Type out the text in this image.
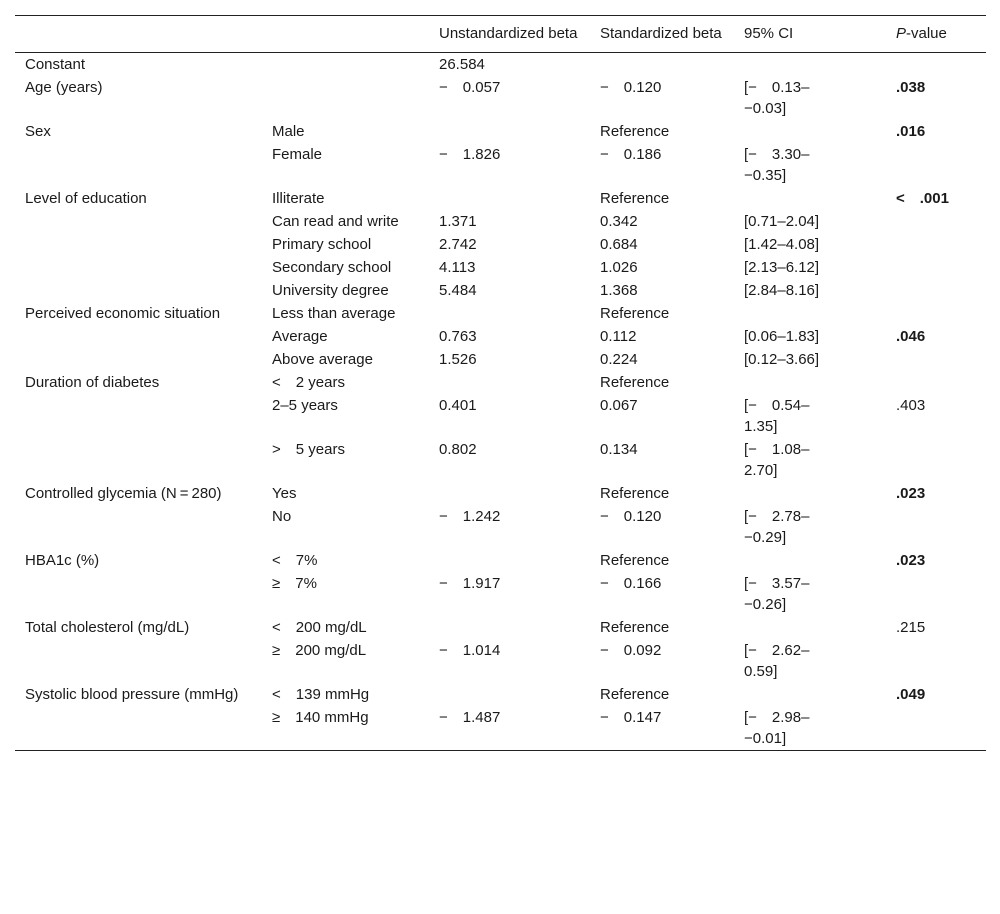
		Unstandardized beta	Standardized beta	95% CI	P-value
Constant		26.584			
Age (years)		− 0.057	− 0.120	[− 0.13–−0.03]	.038
Sex	Male		Reference		.016
	Female	− 1.826	− 0.186	[− 3.30–−0.35]	
Level of education	Illiterate		Reference		< .001
	Can read and write	1.371	0.342	[0.71–2.04]	
	Primary school	2.742	0.684	[1.42–4.08]	
	Secondary school	4.113	1.026	[2.13–6.12]	
	University degree	5.484	1.368	[2.84–8.16]	
Perceived economic situation	Less than average		Reference		
	Average	0.763	0.112	[0.06–1.83]	.046
	Above average	1.526	0.224	[0.12–3.66]	
Duration of diabetes	< 2 years		Reference		
	2–5 years	0.401	0.067	[− 0.54–1.35]	.403
	> 5 years	0.802	0.134	[− 1.08–2.70]	
Controlled glycemia (N = 280)	Yes		Reference		.023
	No	− 1.242	− 0.120	[− 2.78–−0.29]	
HBA1c (%)	< 7%		Reference		.023
	≥ 7%	− 1.917	− 0.166	[− 3.57–−0.26]	
Total cholesterol (mg/dL)	< 200 mg/dL		Reference		.215
	≥ 200 mg/dL	− 1.014	− 0.092	[− 2.62–0.59]	
Systolic blood pressure (mmHg)	< 139 mmHg		Reference		.049
	≥ 140 mmHg	− 1.487	− 0.147	[− 2.98–−0.01]	
